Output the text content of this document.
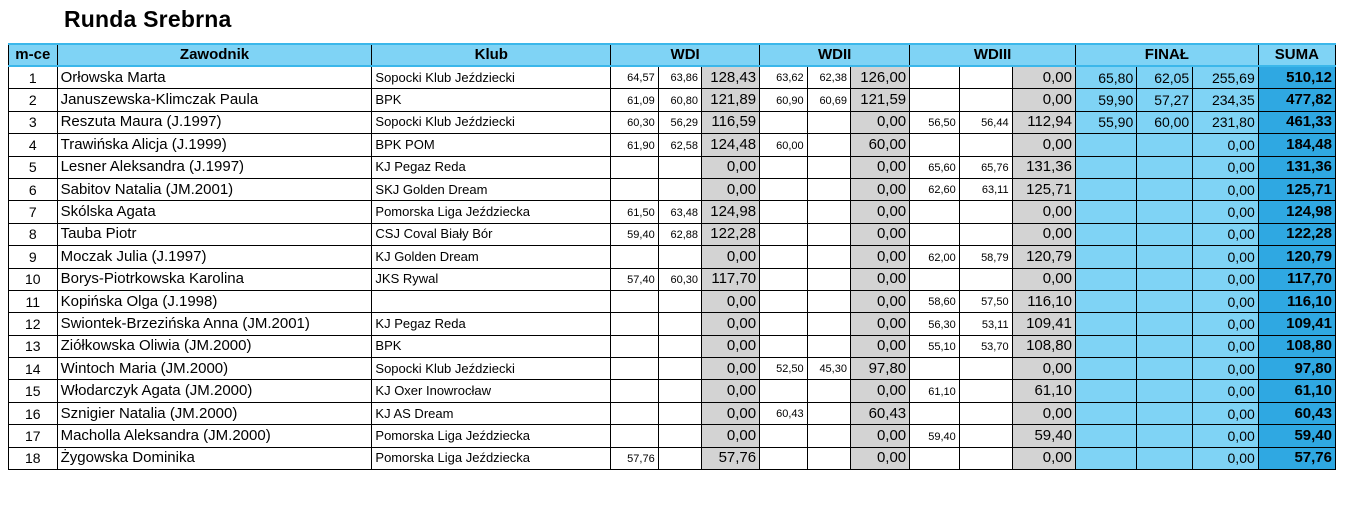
Runda Srebrna
m-ce	Zawodnik	Klub	WDI			WDII			WDIII			FINAŁ			SUMA
1	Orłowska Marta	Sopocki Klub Jeździecki	64,57	63,86	128,43	63,62	62,38	126,00			0,00	65,80	62,05	255,69	510,12
2	Januszewska-Klimczak Paula	BPK	61,09	60,80	121,89	60,90	60,69	121,59			0,00	59,90	57,27	234,35	477,82
3	Reszuta Maura (J.1997)	Sopocki Klub Jeździecki	60,30	56,29	116,59			0,00	56,50	56,44	112,94	55,90	60,00	231,80	461,33
4	Trawińska Alicja (J.1999)	BPK POM	61,90	62,58	124,48	60,00		60,00			0,00			0,00	184,48
5	Lesner Aleksandra (J.1997)	KJ Pegaz Reda			0,00			0,00	65,60	65,76	131,36			0,00	131,36
6	Sabitov Natalia (JM.2001)	SKJ Golden Dream			0,00			0,00	62,60	63,11	125,71			0,00	125,71
7	Skólska Agata	Pomorska Liga Jeździecka	61,50	63,48	124,98			0,00			0,00			0,00	124,98
8	Tauba Piotr	CSJ Coval Biały Bór	59,40	62,88	122,28			0,00			0,00			0,00	122,28
9	Moczak Julia (J.1997)	KJ Golden Dream			0,00			0,00	62,00	58,79	120,79			0,00	120,79
10	Borys-Piotrkowska Karolina	JKS Rywal	57,40	60,30	117,70			0,00			0,00			0,00	117,70
11	Kopińska Olga (J.1998)				0,00			0,00	58,60	57,50	116,10			0,00	116,10
12	Swiontek-Brzezińska Anna (JM.2001)	KJ Pegaz Reda			0,00			0,00	56,30	53,11	109,41			0,00	109,41
13	Ziółkowska Oliwia (JM.2000)	BPK			0,00			0,00	55,10	53,70	108,80			0,00	108,80
14	Wintoch Maria (JM.2000)	Sopocki Klub Jeździecki			0,00	52,50	45,30	97,80			0,00			0,00	97,80
15	Włodarczyk Agata (JM.2000)	KJ Oxer Inowrocław			0,00			0,00	61,10		61,10			0,00	61,10
16	Sznigier Natalia (JM.2000)	KJ AS Dream			0,00	60,43		60,43			0,00			0,00	60,43
17	Macholla Aleksandra (JM.2000)	Pomorska Liga Jeździecka			0,00			0,00	59,40		59,40			0,00	59,40
18	Żygowska Dominika	Pomorska Liga Jeździecka	57,76		57,76			0,00			0,00			0,00	57,76
